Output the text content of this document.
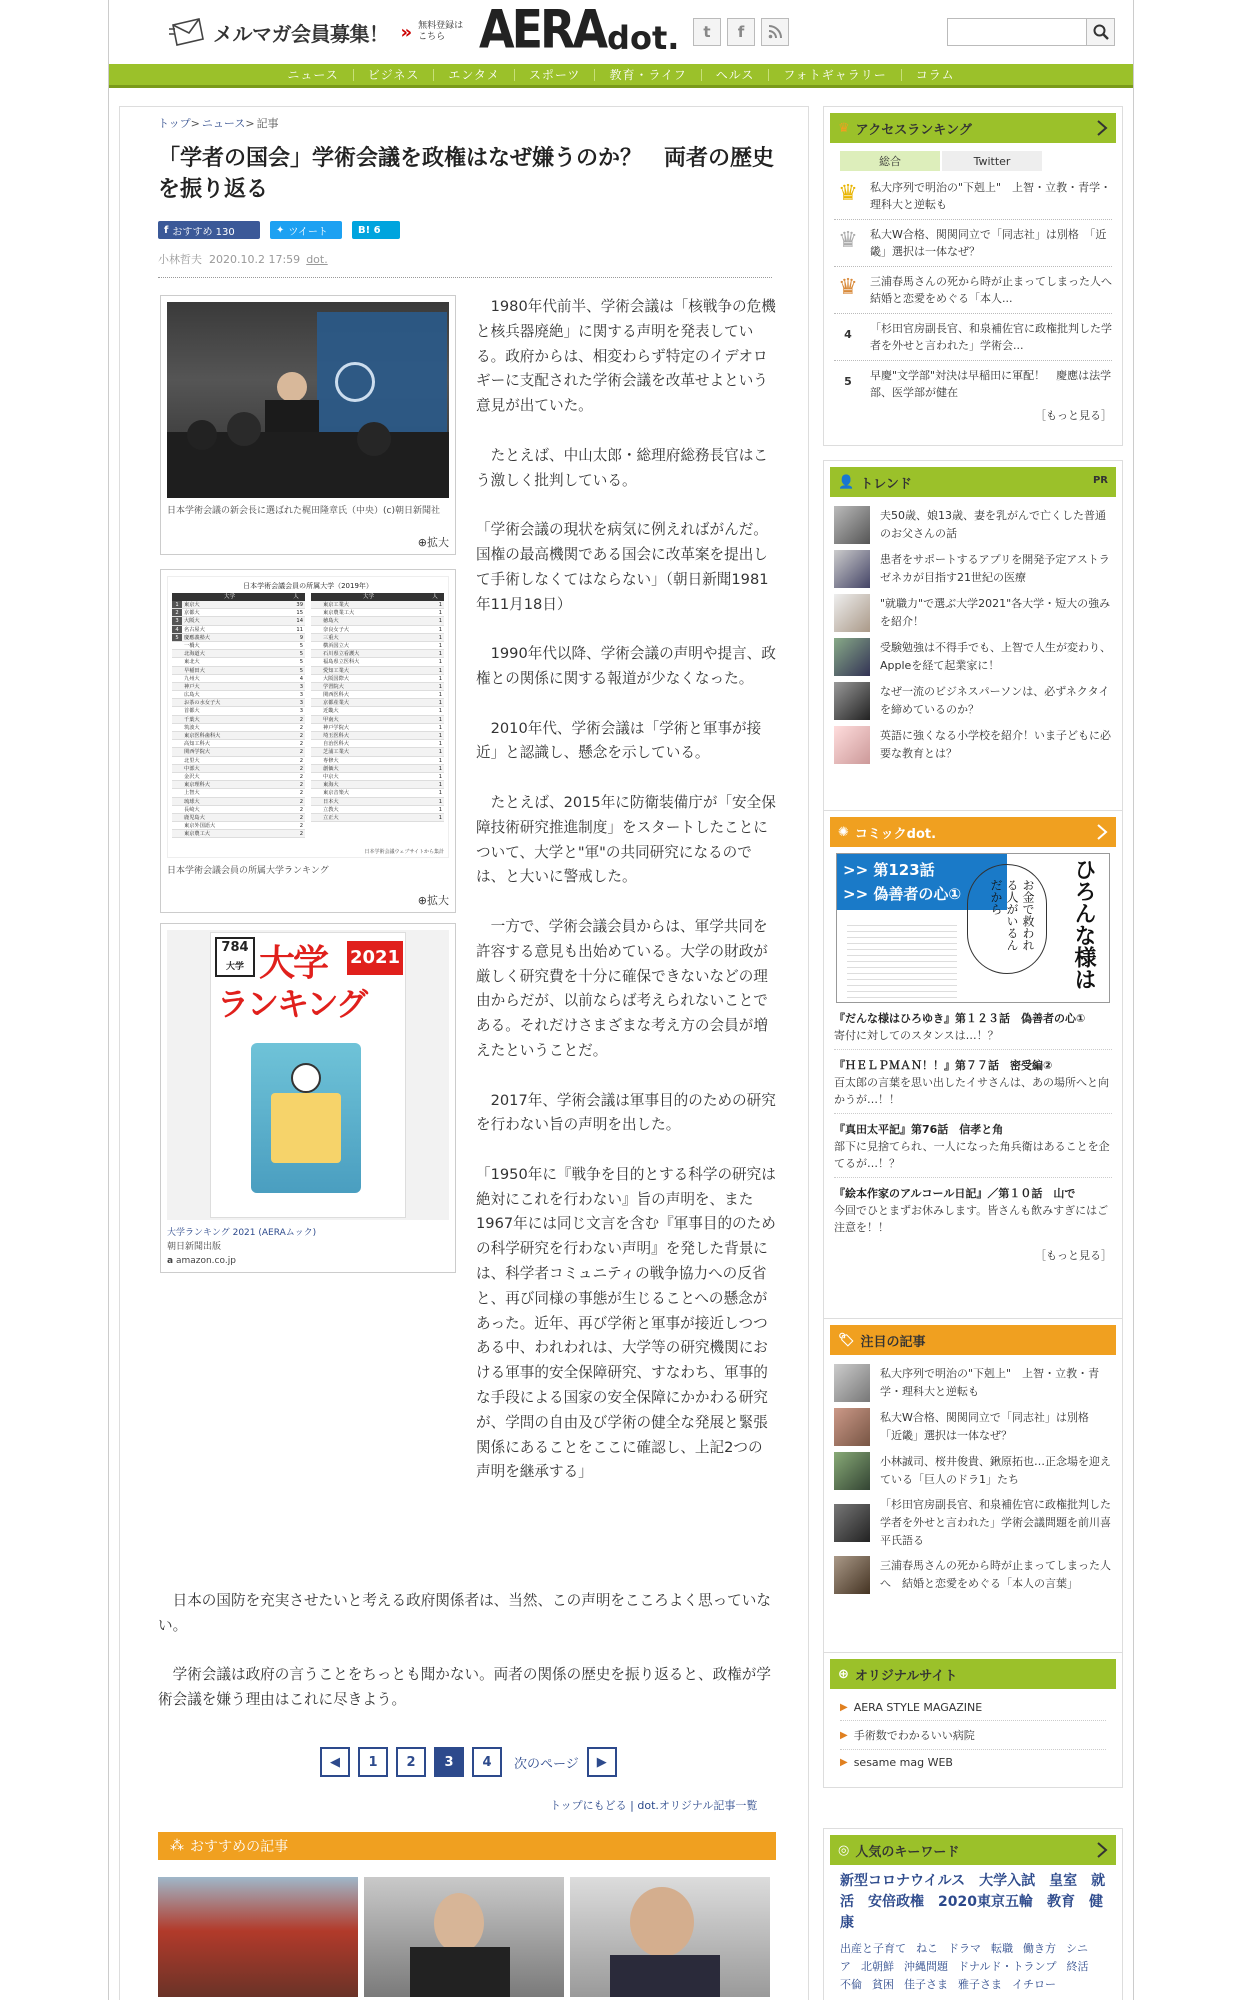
メルマガ会員募集！ » 無料登録は
こちら AERA dot.	t	f
ニュース	ビジネス	エンタメ	スポーツ	教育・ライフ	ヘルス	フォトギャラリー	コラム
トップ> ニュース> 記事
「学者の国会」学術会議を政権はなぜ嫌うのか？　両者の歴史を振り返る
f おすすめ 130	✦ ツイート	B! 6
小林哲夫 2020.10.2 17:59 dot.
日本学術会議の新会長に選ばれた梶田隆章氏（中央）(c)朝日新聞社
⊕拡大
日本学術会議会員の所属大学（2019年）
大学	人
1	東京大	39
2	京都大	15
3	大阪大	14
4	名古屋大	11
5	慶應義塾大	9
一橋大	5
北海道大	5
東北大	5
早稲田大	5
九州大	4
神戸大	3
広島大	3
お茶の水女子大	3
首都大	3
千葉大	2
筑波大	2
東京医科歯科大	2
高知工科大	2
関西学院大	2
北里大	2
中部大	2
金沢大	2
東京理科大	2
上智大	2
琉球大	2
長崎大	2
鹿児島大	2
東京外国語大	2
東京農工大	2
大学	人
東京工業大	1
東京農業工大	1
徳島大	1
奈良女子大	1
三重大	1
横浜国立大	1
石川県立看護大	1
福島県立医科大	1
愛知工業大	1
大阪国際大	1
学習院大	1
関西医科大	1
京都産業大	1
近畿大	1
甲南大	1
神戸学院大	1
埼玉医科大	1
自治医科大	1
芝浦工業大	1
専修大	1
創価大	1
中京大	1
東海大	1
東京音楽大	1
日本大	1
立教大	1
立正大	1
日本学術会議ウェブサイトから集計
日本学術会議会員の所属大学ランキング
⊕拡大
784
大学 大学 2021
ランキング
大学ランキング 2021 (AERAムック)
朝日新聞出版
a amazon.co.jp

1980年代前半、学術会議は「核戦争の危機と核兵器廃絶」に関する声明を発表している。政府からは、相変わらず特定のイデオロギーに支配された学術会議を改革せよという意見が出ていた。

たとえば、中山太郎・総理府総務長官はこう激しく批判している。

「学術会議の現状を病気に例えればがんだ。国権の最高機関である国会に改革案を提出して手術しなくてはならない」（朝日新聞1981年11月18日）

1990年代以降、学術会議の声明や提言、政権との関係に関する報道が少なくなった。

2010年代、学術会議は「学術と軍事が接近」と認識し、懸念を示している。

たとえば、2015年に防衛装備庁が「安全保障技術研究推進制度」をスタートしたことについて、大学と"軍"の共同研究になるのでは、と大いに警戒した。

一方で、学術会議会員からは、軍学共同を許容する意見も出始めている。大学の財政が厳しく研究費を十分に確保できないなどの理由からだが、以前ならば考えられないことである。それだけさまざまな考え方の会員が増えたということだ。

2017年、学術会議は軍事目的のための研究を行わない旨の声明を出した。

「1950年に『戦争を目的とする科学の研究は絶対にこれを行わない』旨の声明を、また1967年には同じ文言を含む『軍事目的のための科学研究を行わない声明』を発した背景には、科学者コミュニティの戦争協力への反省と、再び同様の事態が生じることへの懸念があった。近年、再び学術と軍事が接近しつつある中、われわれは、大学等の研究機関における軍事的安全保障研究、すなわち、軍事的な手段による国家の安全保障にかかわる研究が、学問の自由及び学術の健全な発展と緊張関係にあることをここに確認し、上記2つの声明を継承する」

日本の国防を充実させたいと考える政府関係者は、当然、この声明をこころよく思っていない。

学術会議は政府の言うことをちっとも聞かない。両者の関係の歴史を振り返ると、政権が学術会議を嫌う理由はこれに尽きよう。

◀	1	2	3	4	次のページ ▶
トップにもどる | dot.オリジナル記事一覧
⁂ おすすめの記事
♛ アクセスランキング
総合	Twitter
♛	私大序列で明治の"下剋上"　上智・立教・青学・理科大と逆転も
♛	私大W合格、関関同立で「同志社」は別格　「近畿」選択は一体なぜ？
♛	三浦春馬さんの死から時が止まってしまった人へ　結婚と恋愛をめぐる「本人...
4	「杉田官房副長官、和泉補佐官に政権批判した学者を外せと言われた」学術会...
5	早慶"文学部"対決は早稲田に軍配！　慶應は法学部、医学部が健在
［もっと見る］
👤 トレンド	PR
夫50歳、娘13歳、妻を乳がんで亡くした普通のお父さんの話
患者をサポートするアプリを開発予定アストラゼネカが目指す21世紀の医療
"就職力"で選ぶ大学2021"各大学・短大の強みを紹介！
受験勉強は不得手でも、上智で人生が変わり、Appleを経て起業家に！
なぜ一流のビジネスパーソンは、必ずネクタイを締めているのか？
英語に強くなる小学校を紹介！いま子どもに必要な教育とは？
✺ コミックdot.
>> 第123話
>> 偽善者の心①	ひろんな様は
お金で救われる人がいるんだから
『だんな様はひろゆき』第１２３話　偽善者の心①
寄付に対してのスタンスは…！？
『ＨＥＬＰＭＡＮ！！』第７７話　密受編②
百太郎の言葉を思い出したイサさんは、あの場所へと向かうが…！！
『真田太平記』第76話　信孝と角
部下に見捨てられ、一人になった角兵衛はあることを企てるが…！？
『絵本作家のアルコール日記』／第１０話　山で
今回でひとまずお休みします。皆さんも飲みすぎにはご注意を！！
［もっと見る］
🏷 注目の記事
私大序列で明治の"下剋上"　上智・立教・青学・理科大と逆転も
私大W合格、関関同立で「同志社」は別格　「近畿」選択は一体なぜ？
小林誠司、桜井俊貴、鍬原拓也…正念場を迎えている「巨人のドラ1」たち
「杉田官房副長官、和泉補佐官に政権批判した学者を外せと言われた」学術会議問題を前川喜平氏語る
三浦春馬さんの死から時が止まってしまった人へ　結婚と恋愛をめぐる「本人の言葉」
⊕ オリジナルサイト
▶ AERA STYLE MAGAZINE
▶ 手術数でわかるいい病院
▶ sesame mag WEB
◎ 人気のキーワード
新型コロナウイルス 大学入試 皇室 就活 安倍政権 2020東京五輪 教育 健康
出産と子育て ねこ ドラマ 転職 働き方 シニア 北朝鮮 沖縄問題 ドナルド・トランプ 終活不倫 貧困 佳子さま 雅子さま イチロー
